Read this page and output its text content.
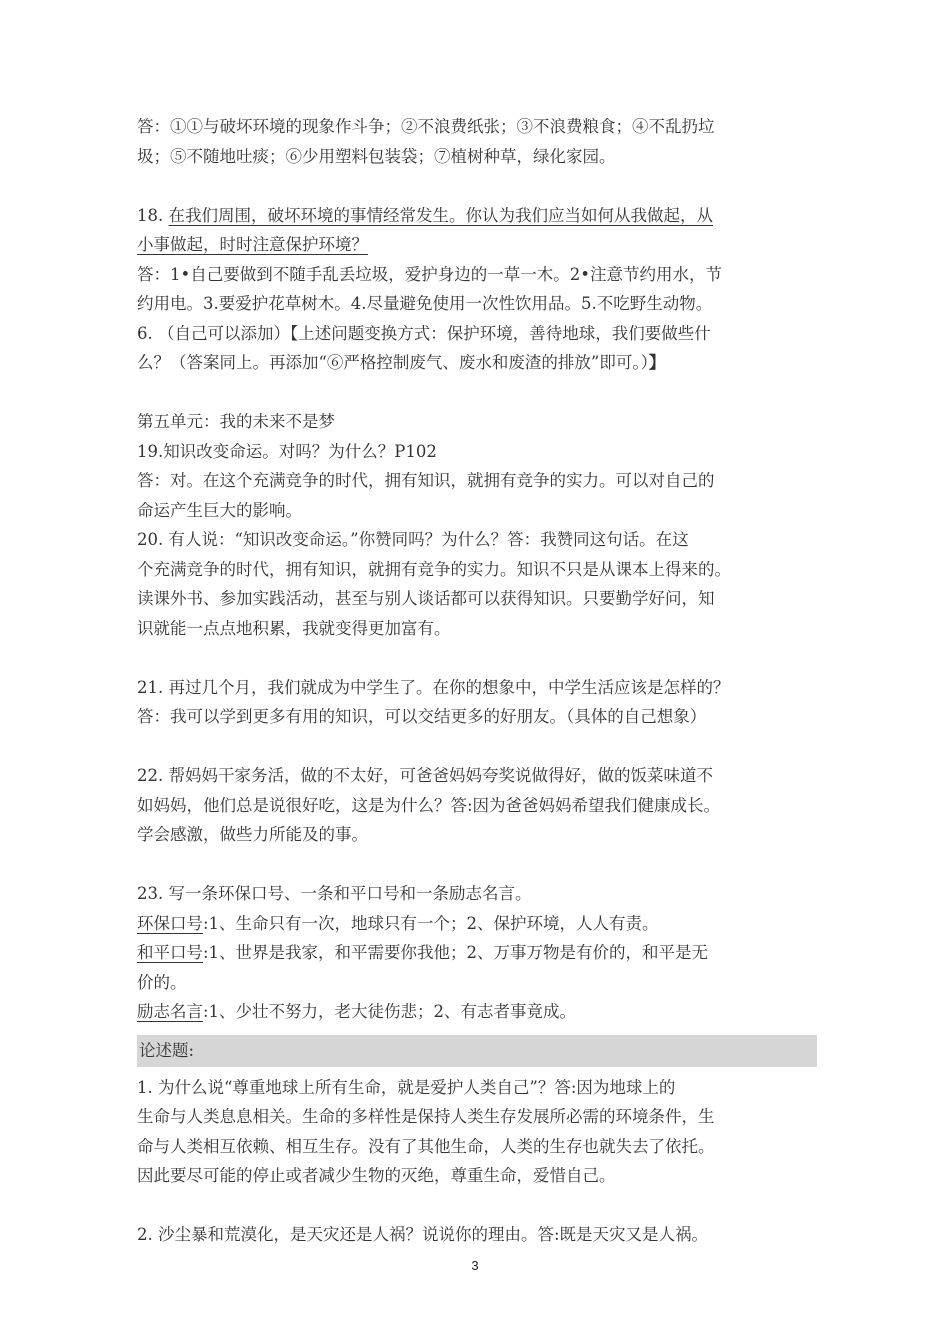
答：①①与破坏环境的现象作斗争；②不浪费纸张；③不浪费粮食；④不乱扔垃

圾；⑤不随地吐痰；⑥少用塑料包装袋；⑦植树种草，绿化家园。

18. 在我们周围，破坏环境的事情经常发生。你认为我们应当如何从我做起，从

小事做起，时时注意保护环境？

答：1•自己要做到不随手乱丢垃圾，爱护身边的一草一木。2•注意节约用水，节

约用电。3.要爱护花草树木。4.尽量避免使用一次性饮用品。5.不吃野生动物。

6. （自己可以添加）【上述问题变换方式：保护环境，善待地球，我们要做些什

么？（答案同上。再添加“⑥严格控制废气、废水和废渣的排放”即可。）】

第五单元：我的未来不是梦

19.知识改变命运。对吗？为什么？P102

答：对。在这个充满竞争的时代，拥有知识，就拥有竞争的实力。可以对自己的

命运产生巨大的影响。

20. 有人说：“知识改变命运。”你赞同吗？为什么？答：我赞同这句话。在这

个充满竞争的时代，拥有知识，就拥有竞争的实力。知识不只是从课本上得来的。

读课外书、参加实践活动，甚至与别人谈话都可以获得知识。只要勤学好问，知

识就能一点点地积累，我就变得更加富有。

21. 再过几个月，我们就成为中学生了。在你的想象中，中学生活应该是怎样的？

答：我可以学到更多有用的知识，可以交结更多的好朋友。（具体的自己想象）

22. 帮妈妈干家务活，做的不太好，可爸爸妈妈夸奖说做得好，做的饭菜味道不

如妈妈，他们总是说很好吃，这是为什么？答:因为爸爸妈妈希望我们健康成长。

学会感激，做些力所能及的事。

23. 写一条环保口号、一条和平口号和一条励志名言。

环保口号:1、生命只有一次，地球只有一个；2、保护环境，人人有责。

和平口号:1、世界是我家，和平需要你我他；2、万事万物是有价的，和平是无

价的。

励志名言:1、少壮不努力，老大徒伤悲；2、有志者事竟成。

论述题:

1. 为什么说“尊重地球上所有生命，就是爱护人类自己”？答:因为地球上的

生命与人类息息相关。生命的多样性是保持人类生存发展所必需的环境条件，生

命与人类相互依赖、相互生存。没有了其他生命，人类的生存也就失去了依托。

因此要尽可能的停止或者减少生物的灭绝，尊重生命，爱惜自己。

2. 沙尘暴和荒漠化，是天灾还是人祸？说说你的理由。答:既是天灾又是人祸。

3
